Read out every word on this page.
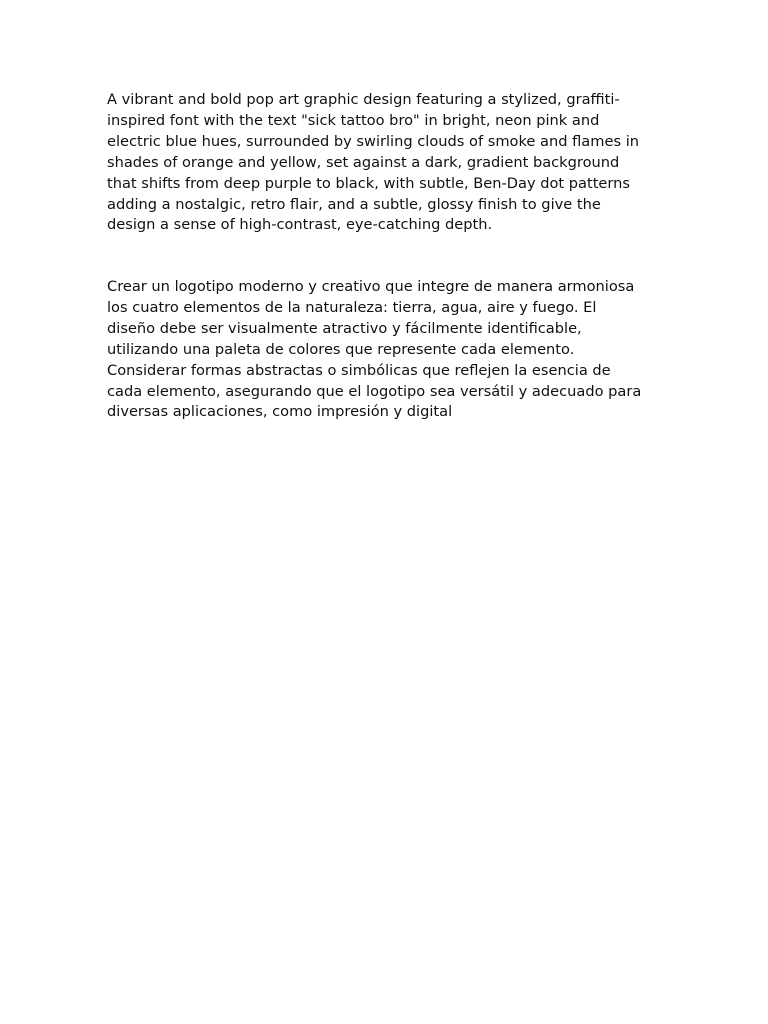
A vibrant and bold pop art graphic design featuring a stylized, graffiti-
inspired font with the text "sick tattoo bro" in bright, neon pink and
electric blue hues, surrounded by swirling clouds of smoke and flames in
shades of orange and yellow, set against a dark, gradient background
that shifts from deep purple to black, with subtle, Ben-Day dot patterns
adding a nostalgic, retro flair, and a subtle, glossy finish to give the
design a sense of high-contrast, eye-catching depth.

Crear un logotipo moderno y creativo que integre de manera armoniosa
los cuatro elementos de la naturaleza: tierra, agua, aire y fuego. El
diseño debe ser visualmente atractivo y fácilmente identificable,
utilizando una paleta de colores que represente cada elemento.
Considerar formas abstractas o simbólicas que reflejen la esencia de
cada elemento, asegurando que el logotipo sea versátil y adecuado para
diversas aplicaciones, como impresión y digital
